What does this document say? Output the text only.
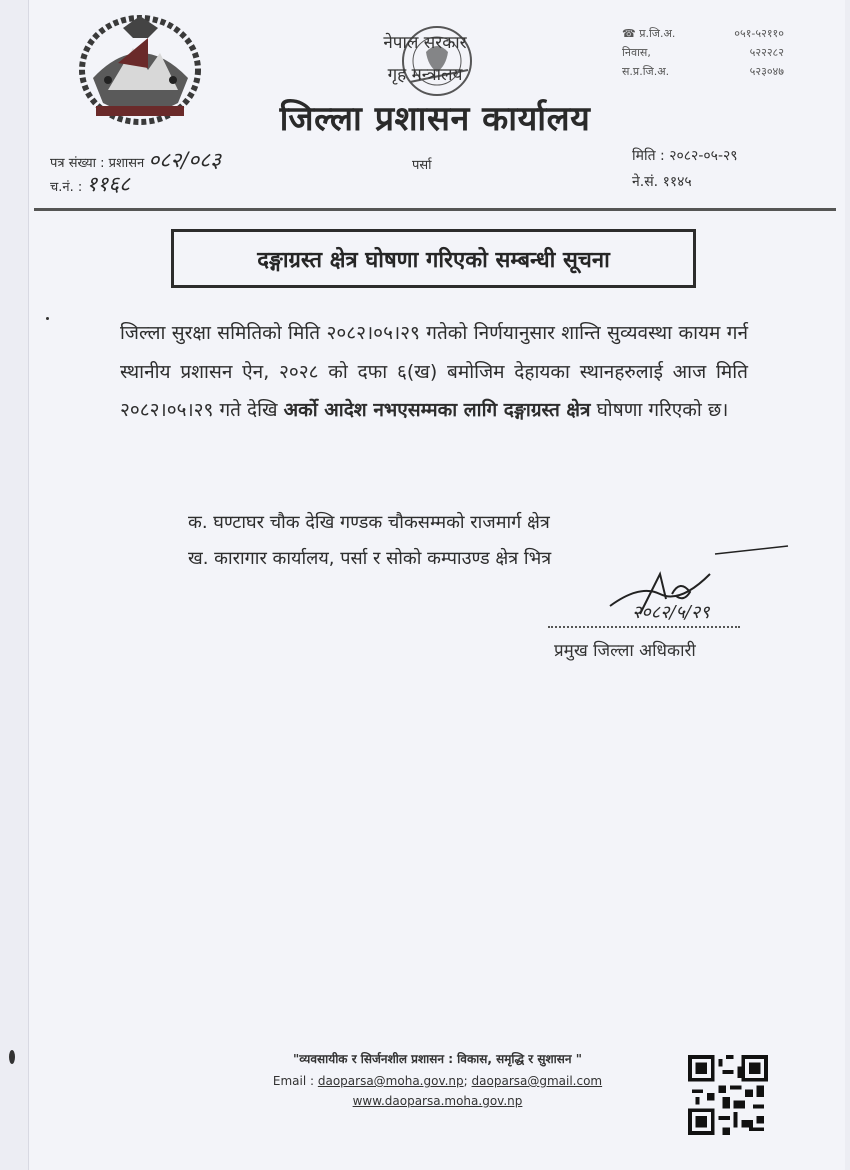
नेपाल सरकार
गृह मन्त्रालय
☎ प्र.जि.अ.	०५१-५२११०
निवास,	५२२२८२
स.प्र.जि.अ.	५२३०४७
जिल्ला प्रशासन कार्यालय
पत्र संख्या : प्रशासन ०८२/०८३
च.नं. : ११६८
पर्सा
मिति : २०८२-०५-२९
ने.सं. ११४५
दङ्गाग्रस्त क्षेत्र घोषणा गरिएको सम्बन्धी सूचना
जिल्ला सुरक्षा समितिको मिति २०८२।०५।२९ गतेको निर्णयानुसार शान्ति सुव्यवस्था कायम गर्न स्थानीय प्रशासन ऐन, २०२८ को दफा ६(ख) बमोजिम देहायका स्थानहरुलाई आज मिति २०८२।०५।२९ गते देखि अर्को आदेश नभएसम्मका लागि दङ्गाग्रस्त क्षेत्र घोषणा गरिएको छ।
क. घण्टाघर चौक देखि गण्डक चौकसम्मको राजमार्ग क्षेत्र
ख. कारागार कार्यालय, पर्सा र सोको कम्पाउण्ड क्षेत्र भित्र
२०८२/५/२९
प्रमुख जिल्ला अधिकारी
"व्यवसायीक र सिर्जनशील प्रशासन : विकास, समृद्धि र सुशासन "
Email : daoparsa@moha.gov.np; daoparsa@gmail.com
www.daoparsa.moha.gov.np
